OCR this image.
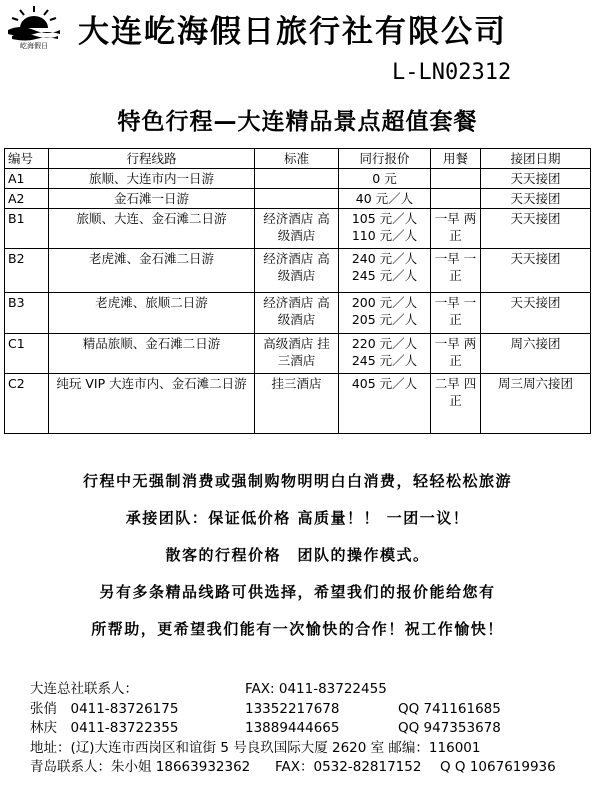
屹海假日 大连屹海假日旅行社有限公司
L-LN02312
特色行程—大连精品景点超值套餐
编号	行程线路	标准	同行报价	用餐	接团日期
A1	旅顺、大连市内一日游		0 元		天天接团
A2	金石滩一日游		40 元／人		天天接团
B1	旅顺、大连、金石滩二日游	经济酒店 高级酒店	105 元／人 110 元／人	一早 两正	天天接团
B2	老虎滩、金石滩二日游	经济酒店 高级酒店	240 元／人 245 元／人	一早 一正	天天接团
B3	老虎滩、旅顺二日游	经济酒店 高级酒店	200 元／人 205 元／人	一早 一正	天天接团
C1	精品旅顺、金石滩二日游	高级酒店 挂三酒店	220 元／人 245 元／人	一早 两正	周六接团
C2	纯玩 VIP 大连市内、金石滩二日游	挂三酒店	405 元／人	二早 四正	周三周六接团
行程中无强制消费或强制购物明明白白消费，轻轻松松旅游
承接团队：保证低价格 高质量！！ 一团一议！
散客的行程价格　团队的操作模式。
另有多条精品线路可供选择，希望我们的报价能给您有
所帮助，更希望我们能有一次愉快的合作！祝工作愉快！
大连总社联系人：	FAX: 0411-83722455
张俏　0411-83726175	13352217678	QQ 741161685
林庆　0411-83722355	13889444665	QQ 947353678
地址：(辽)大连市西岗区和谊街 5 号良玖国际大厦 2620 室 邮编：116001
青岛联系人：朱小姐 18663932362 FAX：0532-82817152 Q Q 1067619936
